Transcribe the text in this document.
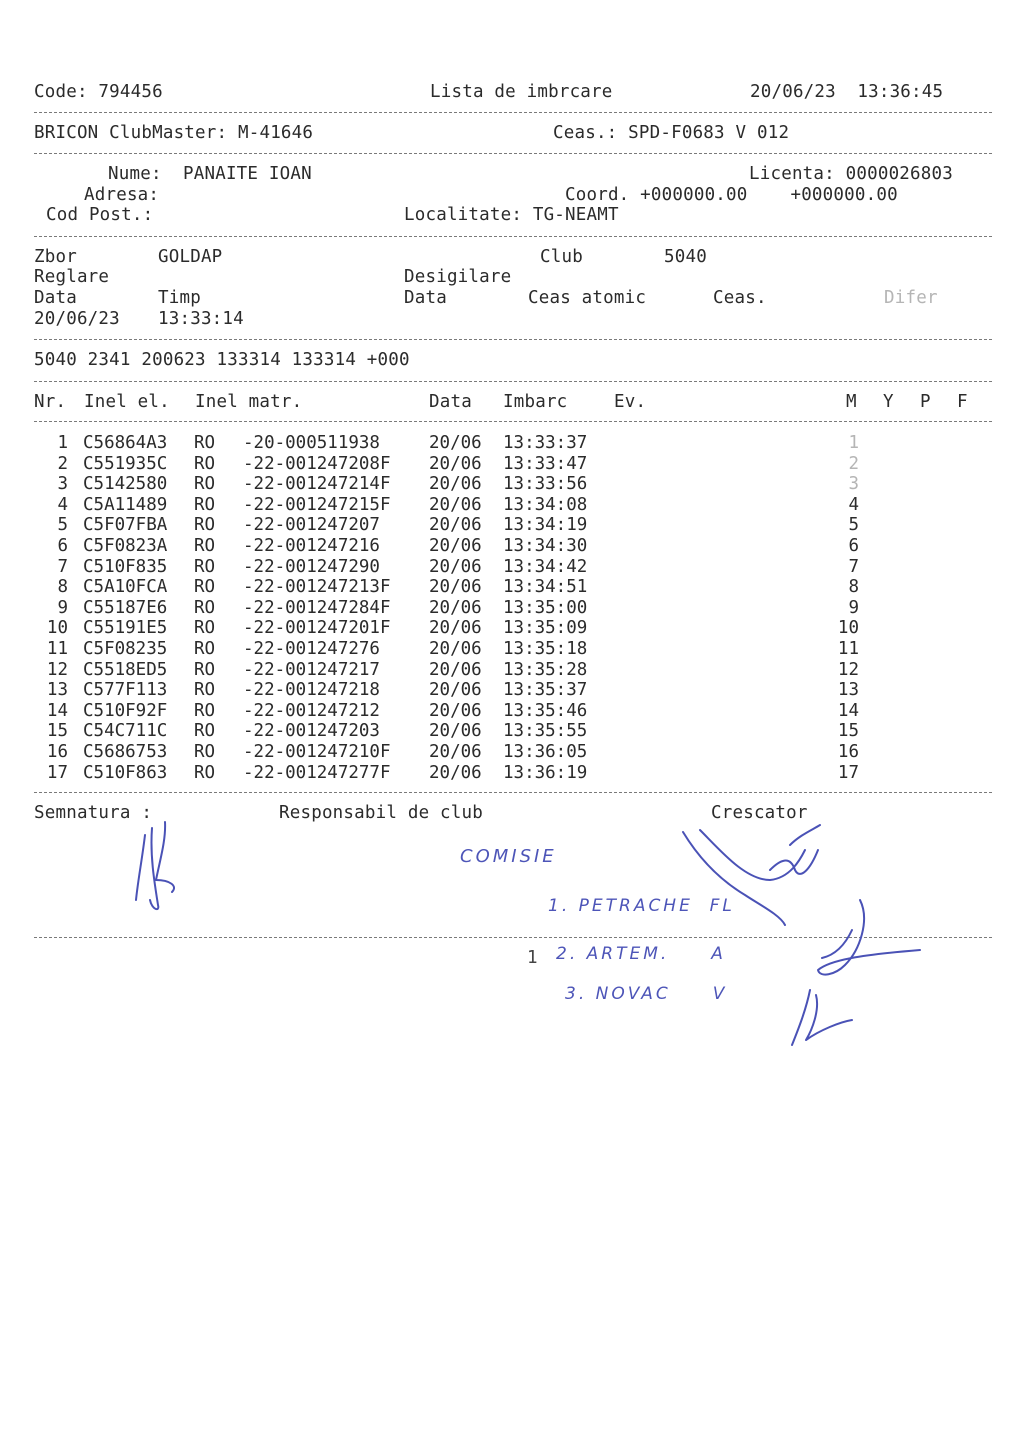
Code: 794456	Lista de imbrcare	20/06/23  13:36:45
BRICON ClubMaster: M-41646	Ceas.: SPD-F0683 V 012
Nume: PANAITE IOAN	Licenta: 0000026803
Adresa:	Coord. +000000.00    +000000.00
Cod Post.:	Localitate: TG-NEAMT
Zbor	GOLDAP	Club	5040
Reglare	Desigilare
Data	Timp	Data	Ceas atomic	Ceas.	Difer
20/06/23 13:33:14
5040 2341 200623 133314 133314 +000
Nr. Inel el. Inel matr.	Data Imbarc	Ev.	M Y P F
1 C56864A3 RO -20-000511938	20/06 13:33:37	1
2 C551935C RO -22-001247208F 20/06 13:33:47	2
3 C5142580 RO -22-001247214F 20/06 13:33:56	3
4 C5A11489 RO -22-001247215F 20/06 13:34:08	4
5 C5F07FBA RO -22-001247207	20/06 13:34:19	5
6 C5F0823A RO -22-001247216	20/06 13:34:30	6
7 C510F835 RO -22-001247290	20/06 13:34:42	7
8 C5A10FCA RO -22-001247213F 20/06 13:34:51	8
9 C55187E6 RO -22-001247284F 20/06 13:35:00	9
10 C55191E5 RO -22-001247201F 20/06 13:35:09	10
11 C5F08235 RO -22-001247276	20/06 13:35:18	11
12 C5518ED5 RO -22-001247217	20/06 13:35:28	12
13 C577F113 RO -22-001247218	20/06 13:35:37	13
14 C510F92F RO -22-001247212	20/06 13:35:46	14
15 C54C711C RO -22-001247203	20/06 13:35:55	15
16 C5686753 RO -22-001247210F 20/06 13:36:05	16
17 C510F863 RO -22-001247277F 20/06 13:36:19	17
Semnatura :	Responsabil de club	Crescator
COMISIE
1. PETRACHE  FL
1 2. ARTEM.     A
3. NOVAC     V
